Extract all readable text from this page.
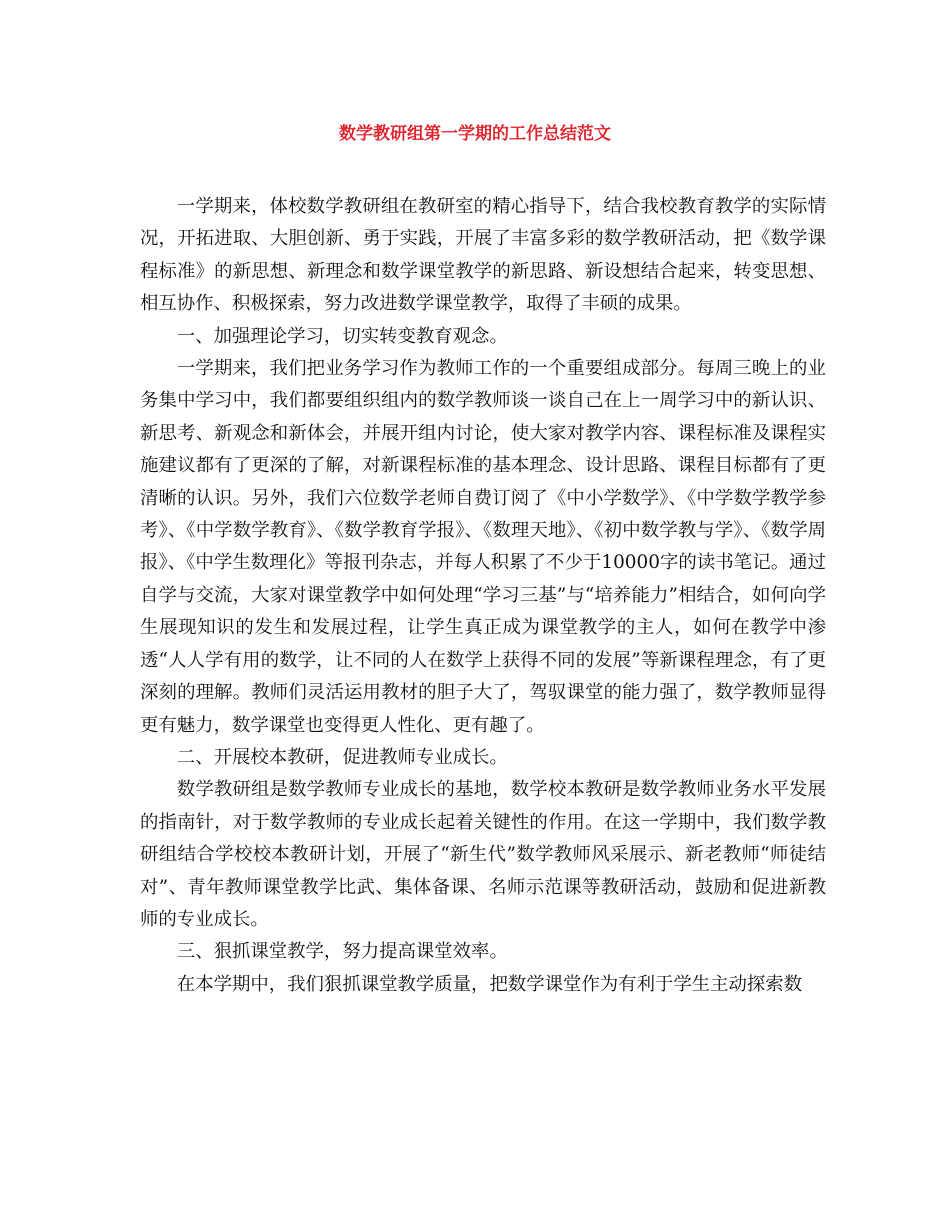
数学教研组第一学期的工作总结范文

一学期来，体校数学教研组在教研室的精心指导下，结合我校教育教学的实际情况，开拓进取、大胆创新、勇于实践，开展了丰富多彩的数学教研活动，把《数学课程标准》的新思想、新理念和数学课堂教学的新思路、新设想结合起来，转变思想、相互协作、积极探索，努力改进数学课堂教学，取得了丰硕的成果。

一、加强理论学习，切实转变教育观念。

一学期来，我们把业务学习作为教师工作的一个重要组成部分。每周三晚上的业务集中学习中，我们都要组织组内的数学教师谈一谈自己在上一周学习中的新认识、新思考、新观念和新体会，并展开组内讨论，使大家对教学内容、课程标准及课程实施建议都有了更深的了解，对新课程标准的基本理念、设计思路、课程目标都有了更清晰的认识。另外，我们六位数学老师自费订阅了《中小学数学》、《中学数学教学参考》、《中学数学教育》、《数学教育学报》、《数理天地》、《初中数学教与学》、《数学周报》、《中学生数理化》等报刊杂志，并每人积累了不少于10000字的读书笔记。通过自学与交流，大家对课堂教学中如何处理“学习三基”与“培养能力”相结合，如何向学生展现知识的发生和发展过程，让学生真正成为课堂教学的主人，如何在教学中渗透“人人学有用的数学，让不同的人在数学上获得不同的发展”等新课程理念，有了更深刻的理解。教师们灵活运用教材的胆子大了，驾驭课堂的能力强了，数学教师显得更有魅力，数学课堂也变得更人性化、更有趣了。

二、开展校本教研，促进教师专业成长。

数学教研组是数学教师专业成长的基地，数学校本教研是数学教师业务水平发展的指南针，对于数学教师的专业成长起着关键性的作用。在这一学期中，我们数学教研组结合学校校本教研计划，开展了“新生代”数学教师风采展示、新老教师“师徒结对”、青年教师课堂教学比武、集体备课、名师示范课等教研活动，鼓励和促进新教师的专业成长。

三、狠抓课堂教学，努力提高课堂效率。

在本学期中，我们狠抓课堂教学质量，把数学课堂作为有利于学生主动探索数
